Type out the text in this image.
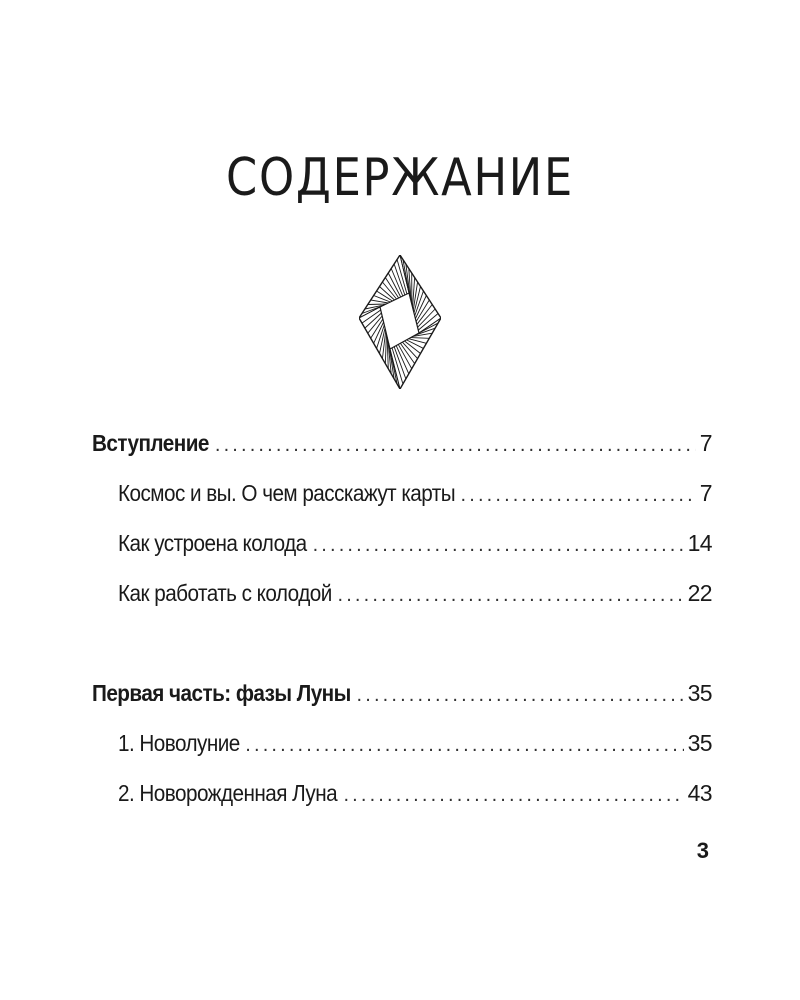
СОДЕРЖАНИЕ
Вступление . . .	7
Космос и вы. О чем расскажут карты . . .	7
Как устроена колода . . .	14
Как работать с колодой . . .	22
Первая часть: фазы Луны . . .	35
1. Новолуние . . .	35
2. Новорожденная Луна . . .	43
3
